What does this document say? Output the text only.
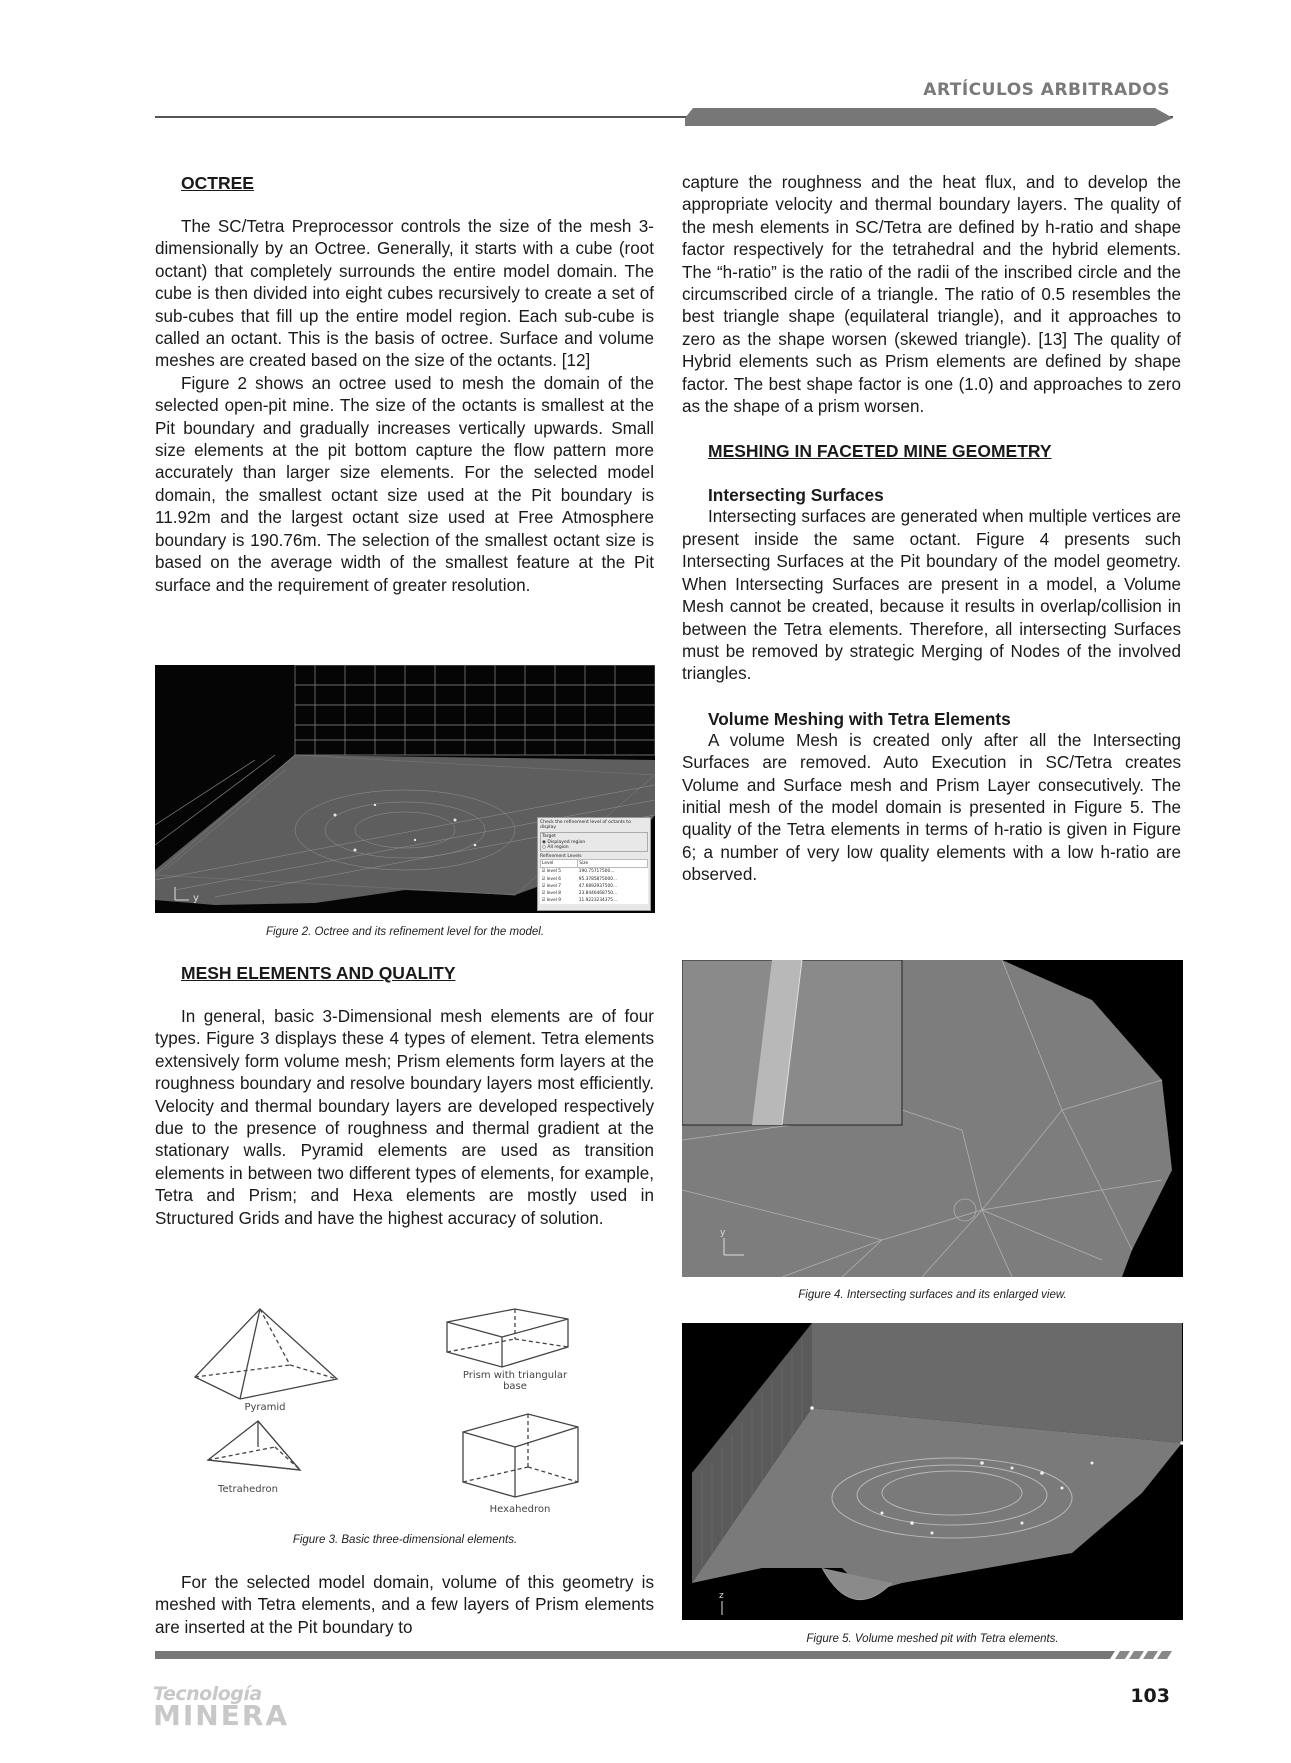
ARTÍCULOS ARBITRADOS
OCTREE

The SC/Tetra Preprocessor controls the size of the mesh 3-dimensionally by an Octree. Generally, it starts with a cube (root octant) that completely surrounds the entire model domain. The cube is then divided into eight cubes recursively to create a set of sub-cubes that fill up the entire model region. Each sub-cube is called an octant. This is the basis of octree. Surface and volume meshes are created based on the size of the octants. [12]

Figure 2 shows an octree used to mesh the domain of the selected open-pit mine. The size of the octants is smallest at the Pit boundary and gradually increases vertically upwards. Small size elements at the pit bottom capture the flow pattern more accurately than larger size elements. For the selected model domain, the smallest octant size used at the Pit boundary is 11.92m and the largest octant size used at Free Atmosphere boundary is 190.76m. The selection of the smallest octant size is based on the average width of the smallest feature at the Pit surface and the requirement of greater resolution.

y
Check the refinement level of octants to display
Target
◉ Displayed region
○ All region
Refinement Levels
Level	Size
☑ level 5	190.75717500...
☑ level 6	95.3785875000...
☑ level 7	47.6892937500...
☑ level 8	23.8446468750...
☑ level 9	11.9223234375...
Figure 2. Octree and its refinement level for the model.
MESH ELEMENTS AND QUALITY

In general, basic 3-Dimensional mesh elements are of four types. Figure 3 displays these 4 types of element. Tetra elements extensively form volume mesh; Prism elements form layers at the roughness boundary and resolve boundary layers most efficiently. Velocity and thermal boundary layers are developed respectively due to the presence of roughness and thermal gradient at the stationary walls. Pyramid elements are used as transition elements in between two different types of elements, for example, Tetra and Prism; and Hexa elements are mostly used in Structured Grids and have the highest accuracy of solution.

Pyramid
Prism with triangular
base
Tetrahedron
Hexahedron
Figure 3. Basic three-dimensional elements.

For the selected model domain, volume of this geometry is meshed with Tetra elements, and a few layers of Prism elements are inserted at the Pit boundary to

capture the roughness and the heat flux, and to develop the appropriate velocity and thermal boundary layers. The quality of the mesh elements in SC/Tetra are defined by h-ratio and shape factor respectively for the tetrahedral and the hybrid elements. The “h-ratio” is the ratio of the radii of the inscribed circle and the circumscribed circle of a triangle. The ratio of 0.5 resembles the best triangle shape (equilateral triangle), and it approaches to zero as the shape worsen (skewed triangle). [13] The quality of Hybrid elements such as Prism elements are defined by shape factor. The best shape factor is one (1.0) and approaches to zero as the shape of a prism worsen.

MESHING IN FACETED MINE GEOMETRY
Intersecting Surfaces

Intersecting surfaces are generated when multiple vertices are present inside the same octant. Figure 4 presents such Intersecting Surfaces at the Pit boundary of the model geometry. When Intersecting Surfaces are present in a model, a Volume Mesh cannot be created, because it results in overlap/collision in between the Tetra elements. Therefore, all intersecting Surfaces must be removed by strategic Merging of Nodes of the involved triangles.

Volume Meshing with Tetra Elements

A volume Mesh is created only after all the Intersecting Surfaces are removed. Auto Execution in SC/Tetra creates Volume and Surface mesh and Prism Layer consecutively. The initial mesh of the model domain is presented in Figure 5. The quality of the Tetra elements in terms of h-ratio is given in Figure 6; a number of very low quality elements with a low h-ratio are observed.

y
Figure 4. Intersecting surfaces and its enlarged view.
z
Figure 5. Volume meshed pit with Tetra elements.
Tecnología
MINERA
103
